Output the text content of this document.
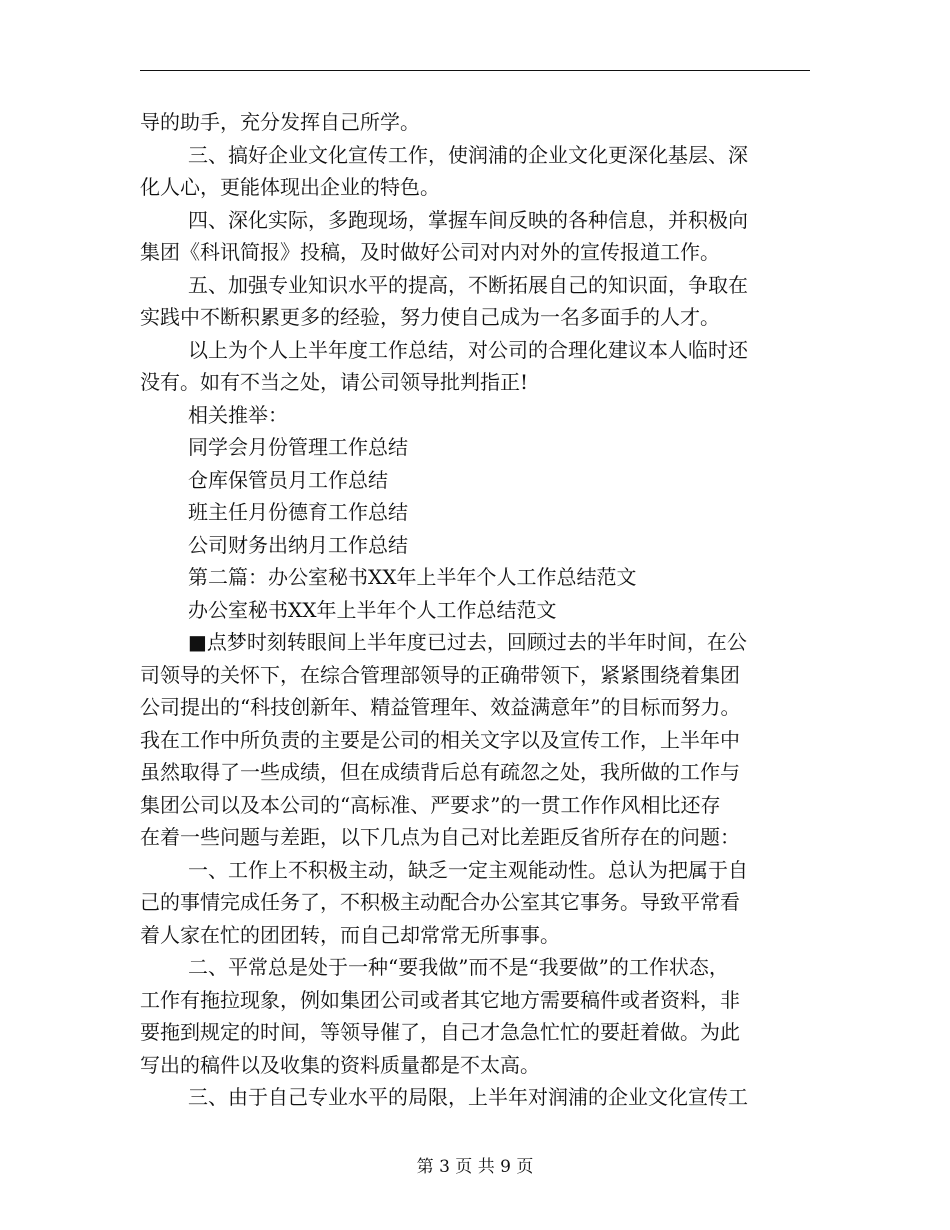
导的助手，充分发挥自己所学。
三、搞好企业文化宣传工作，使润浦的企业文化更深化基层、深
化人心，更能体现出企业的特色。
四、深化实际，多跑现场，掌握车间反映的各种信息，并积极向
集团《科讯简报》投稿，及时做好公司对内对外的宣传报道工作。
五、加强专业知识水平的提高，不断拓展自己的知识面，争取在
实践中不断积累更多的经验，努力使自己成为一名多面手的人才。
以上为个人上半年度工作总结，对公司的合理化建议本人临时还
没有。如有不当之处，请公司领导批判指正!
相关推举：
同学会月份管理工作总结
仓库保管员月工作总结
班主任月份德育工作总结
公司财务出纳月工作总结
第二篇：办公室秘书XX年上半年个人工作总结范文
办公室秘书XX年上半年个人工作总结范文
■点梦时刻转眼间上半年度已过去，回顾过去的半年时间，在公
司领导的关怀下，在综合管理部领导的正确带领下，紧紧围绕着集团
公司提出的“科技创新年、精益管理年、效益满意年”的目标而努力。
我在工作中所负责的主要是公司的相关文字以及宣传工作，上半年中
虽然取得了一些成绩，但在成绩背后总有疏忽之处，我所做的工作与
集团公司以及本公司的“高标准、严要求”的一贯工作作风相比还存
在着一些问题与差距，以下几点为自己对比差距反省所存在的问题：
一、工作上不积极主动，缺乏一定主观能动性。总认为把属于自
己的事情完成任务了，不积极主动配合办公室其它事务。导致平常看
着人家在忙的团团转，而自己却常常无所事事。
二、平常总是处于一种“要我做”而不是“我要做”的工作状态，
工作有拖拉现象，例如集团公司或者其它地方需要稿件或者资料，非
要拖到规定的时间，等领导催了，自己才急急忙忙的要赶着做。为此
写出的稿件以及收集的资料质量都是不太高。
三、由于自己专业水平的局限，上半年对润浦的企业文化宣传工
第 3 页 共 9 页
